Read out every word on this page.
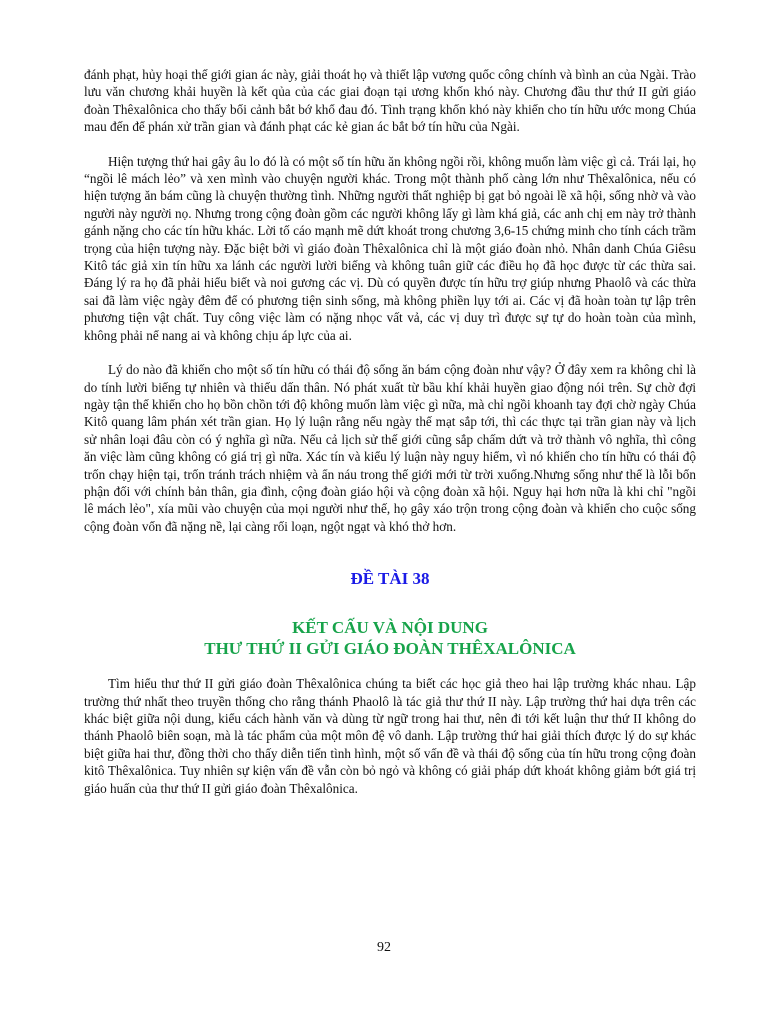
đánh phạt, hủy hoại thế giới gian ác này, giải thoát họ và thiết lập vương quốc công chính và bình an của Ngài. Trào lưu văn chương khải huyền là kết qủa của các giai đoạn tại ương khốn khó này. Chương đầu thư thứ II gửi giáo đoàn Thêxalônica cho thấy bối cảnh bắt bớ khổ đau đó. Tình trạng khốn khó này khiến cho tín hữu ước mong Chúa mau đến để phán xử trần gian và đánh phạt các kẻ gian ác bắt bớ tín hữu của Ngài.

Hiện tượng thứ hai gây âu lo đó là có một số tín hữu ăn không ngồi rồi, không muốn làm việc gì cả. Trái lại, họ “ngồi lê mách lẻo” và xen mình vào chuyện người khác. Trong một thành phố càng lớn như Thêxalônica, nếu có hiện tượng ăn bám cũng là chuyện thường tình. Những người thất nghiệp bị gạt bỏ ngoài lề xã hội, sống nhờ và vào người này người nọ. Nhưng trong cộng đoàn gồm các người không lấy gì làm khá giả, các anh chị em này trở thành gánh nặng cho các tín hữu khác. Lời tố cáo mạnh mẽ dứt khoát trong chương 3,6-15 chứng minh cho tính cách trầm trọng của hiện tượng này. Đặc biệt bởi vì giáo đoàn Thêxalônica chỉ là một giáo đoàn nhỏ. Nhân danh Chúa Giêsu Kitô tác giả xin tín hữu xa lánh các người lười biếng và không tuân giữ các điều họ đã học được từ các thừa sai. Đáng lý ra họ đã phải hiểu biết và noi gương các vị. Dù có quyền được tín hữu trợ giúp nhưng Phaolô và các thừa sai đã làm việc ngày đêm để có phương tiện sinh sống, mà không phiền lụy tới ai. Các vị đã hoàn toàn tự lập trên phương tiện vật chất. Tuy công việc làm có nặng nhọc vất vả, các vị duy trì được sự tự do hoàn toàn của mình, không phải nể nang ai và không chịu áp lực của ai.

Lý do nào đã khiến cho một số tín hữu có thái độ sống ăn bám cộng đoàn như vậy? Ở đây xem ra không chỉ là do tính lười biếng tự nhiên và thiếu dấn thân. Nó phát xuất từ bầu khí khải huyền giao động nói trên. Sự chờ đợi ngày tận thế khiến cho họ bồn chồn tới độ không muốn làm việc gì nữa, mà chỉ ngồi khoanh tay đợi chờ ngày Chúa Kitô quang lâm phán xét trần gian. Họ lý luận rằng nếu ngày thế mạt sắp tới, thì các thực tại trần gian này và lịch sử nhân loại đâu còn có ý nghĩa gì nữa. Nếu cả lịch sử thế giới cũng sắp chấm dứt và trở thành vô nghĩa, thì công ăn việc làm cũng không có giá trị gì nữa. Xác tín và kiểu lý luận này nguy hiểm, vì nó khiến cho tín hữu có thái độ trốn chạy hiện tại, trốn tránh trách nhiệm và ẩn náu trong thế giới mới từ trời xuống.Nhưng sống như thế là lỗi bổn phận đối với chính bản thân, gia đình, cộng đoàn giáo hội và cộng đoàn xã hội. Nguy hại hơn nữa là khi chỉ "ngồi lê mách lẻo", xía mũi vào chuyện của mọi người như thế, họ gây xáo trộn trong cộng đoàn và khiến cho cuộc sống cộng đoàn vốn đã nặng nề, lại càng rối loạn, ngột ngạt và khó thở hơn.

ĐỀ TÀI 38
KẾT CẤU VÀ NỘI DUNG
THƯ THỨ II GỬI GIÁO ĐOÀN THÊXALÔNICA

Tìm hiểu thư thứ II gửi giáo đoàn Thêxalônica chúng ta biết các học giả theo hai lập trường khác nhau. Lập trường thứ nhất theo truyền thống cho rằng thánh Phaolô là tác giả thư thứ II này. Lập trường thứ hai dựa trên các khác biệt giữa nội dung, kiểu cách hành văn và dùng từ ngữ trong hai thư, nên đi tới kết luận thư thứ II không do thánh Phaolô biên soạn, mà là tác phẩm của một môn đệ vô danh. Lập trường thứ hai giải thích được lý do sự khác biệt giữa hai thư, đồng thời cho thấy diễn tiến tình hình, một số vấn đề và thái độ sống của tín hữu trong cộng đoàn kitô Thêxalônica. Tuy nhiên sự kiện vấn đề vẫn còn bỏ ngỏ và không có giải pháp dứt khoát không giảm bớt giá trị giáo huấn của thư thứ II gửi giáo đoàn Thêxalônica.

92
